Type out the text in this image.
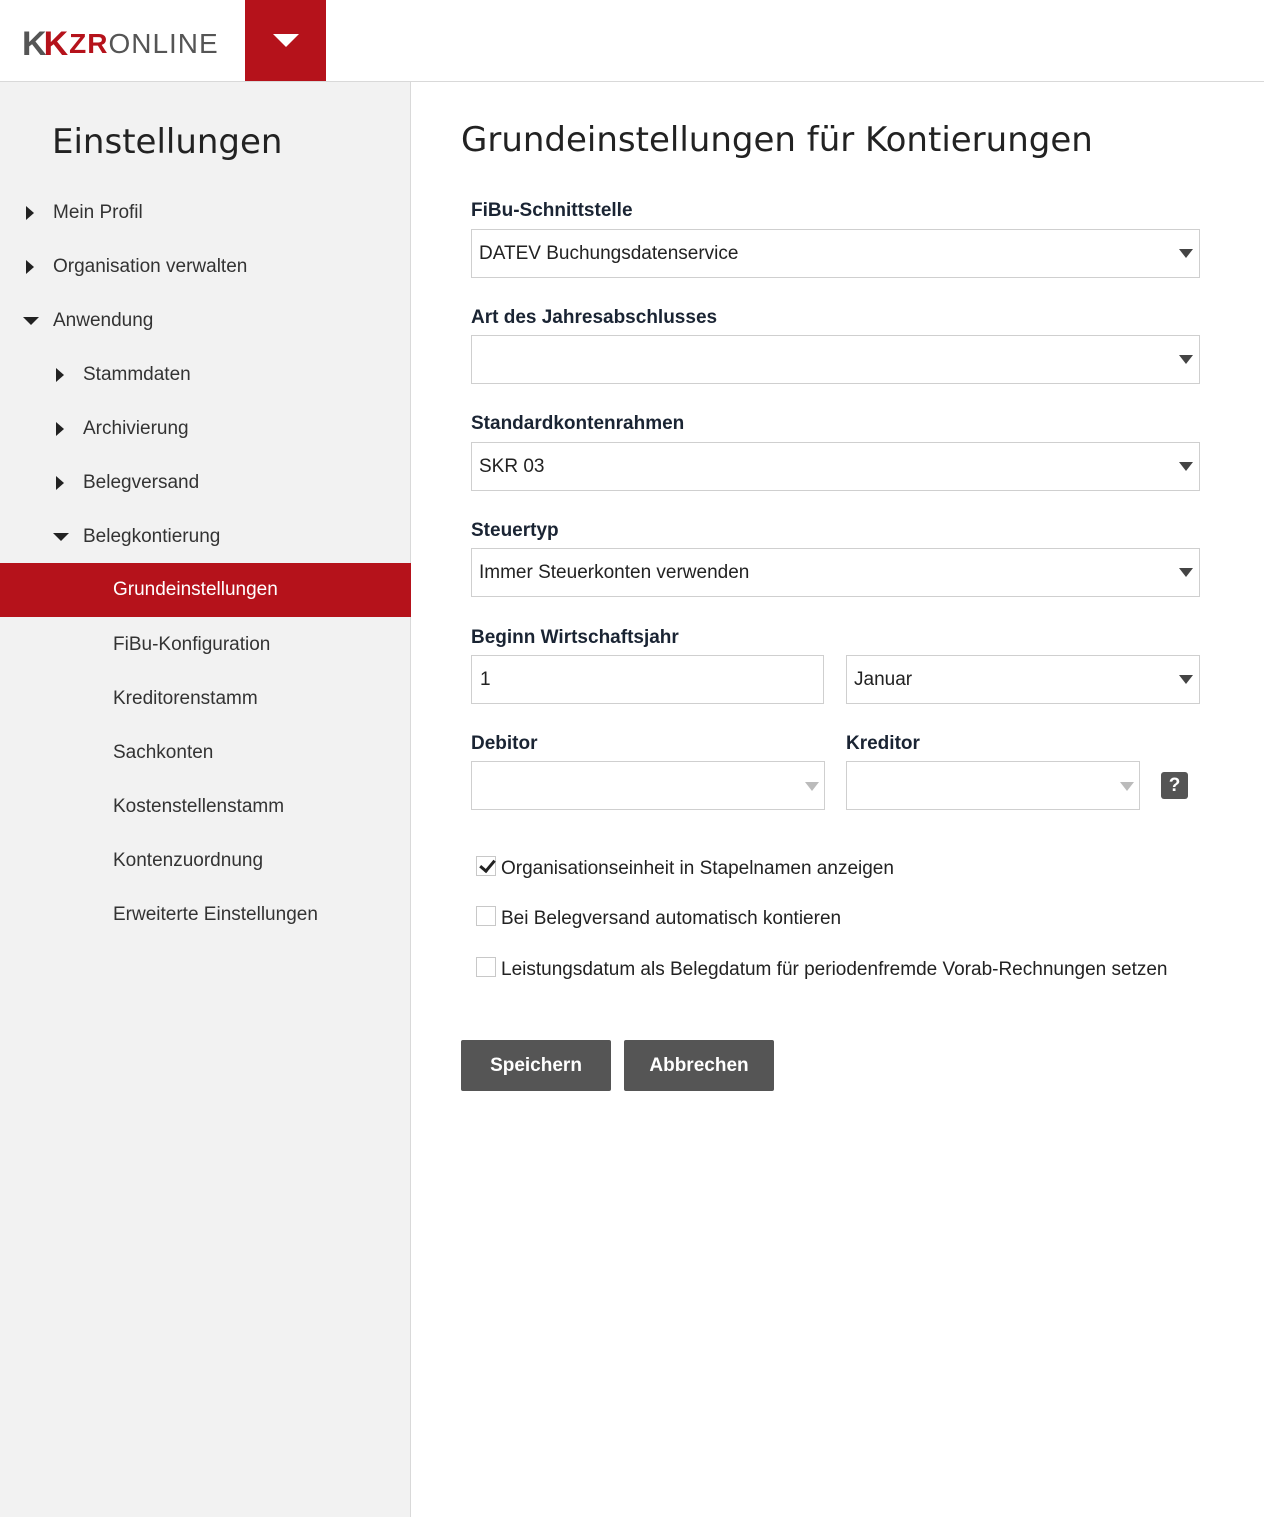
KK ZR ONLINE
Einstellungen
Mein Profil
Organisation verwalten
Anwendung
Stammdaten
Archivierung
Belegversand
Belegkontierung
Grundeinstellungen
FiBu-Konfiguration
Kreditorenstamm
Sachkonten
Kostenstellenstamm
Kontenzuordnung
Erweiterte Einstellungen
Grundeinstellungen für Kontierungen
FiBu-Schnittstelle
DATEV Buchungsdatenservice
Art des Jahresabschlusses
Standardkontenrahmen
SKR 03
Steuertyp
Immer Steuerkonten verwenden
Beginn Wirtschaftsjahr
1	Januar
Debitor	Kreditor
?
Organisationseinheit in Stapelnamen anzeigen
Bei Belegversand automatisch kontieren
Leistungsdatum als Belegdatum für periodenfremde Vorab-Rechnungen setzen
Speichern	Abbrechen
